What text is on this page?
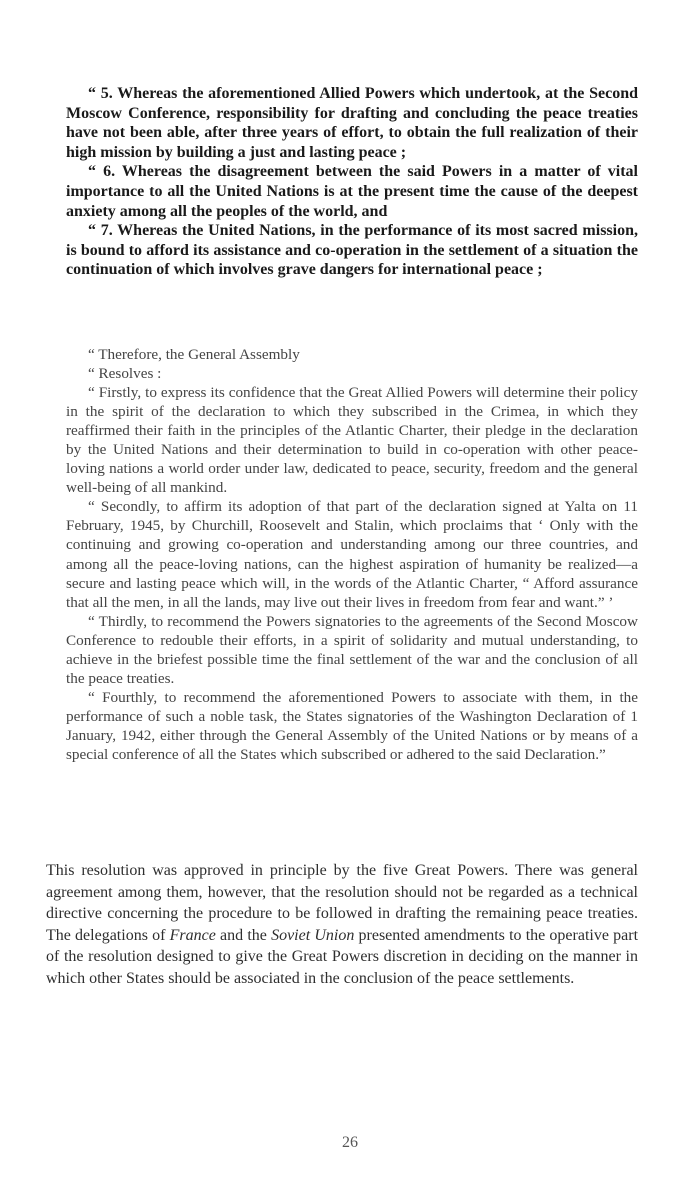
“ 5. Whereas the aforementioned Allied Powers which undertook, at the Second Moscow Conference, responsibility for drafting and concluding the peace treaties have not been able, after three years of effort, to obtain the full realization of their high mission by building a just and lasting peace ;

“ 6. Whereas the disagreement between the said Powers in a matter of vital importance to all the United Nations is at the present time the cause of the deepest anxiety among all the peoples of the world, and

“ 7. Whereas the United Nations, in the performance of its most sacred mission, is bound to afford its assistance and co-operation in the settlement of a situation the continuation of which involves grave dangers for international peace ;

“ Therefore, the General Assembly

“ Resolves :

“ Firstly, to express its confidence that the Great Allied Powers will determine their policy in the spirit of the declaration to which they subscribed in the Crimea, in which they reaffirmed their faith in the principles of the Atlantic Charter, their pledge in the declaration by the United Nations and their determination to build in co-operation with other peace-loving nations a world order under law, dedicated to peace, security, freedom and the general well-being of all mankind.

“ Secondly, to affirm its adoption of that part of the declaration signed at Yalta on 11 February, 1945, by Churchill, Roosevelt and Stalin, which proclaims that ‘ Only with the continuing and growing co-operation and understanding among our three countries, and among all the peace-loving nations, can the highest aspiration of humanity be realized—a secure and lasting peace which will, in the words of the Atlantic Charter, “ Afford assurance that all the men, in all the lands, may live out their lives in freedom from fear and want.” ’

“ Thirdly, to recommend the Powers signatories to the agreements of the Second Moscow Conference to redouble their efforts, in a spirit of solidarity and mutual understanding, to achieve in the briefest possible time the final settlement of the war and the conclusion of all the peace treaties.

“ Fourthly, to recommend the aforementioned Powers to associate with them, in the performance of such a noble task, the States signatories of the Washington Declaration of 1 January, 1942, either through the General Assembly of the United Nations or by means of a special conference of all the States which subscribed or adhered to the said Declaration.”

This resolution was approved in principle by the five Great Powers. There was general agreement among them, however, that the resolution should not be regarded as a technical directive concerning the procedure to be followed in drafting the remaining peace treaties. The delegations of France and the Soviet Union presented amendments to the operative part of the resolution designed to give the Great Powers discretion in deciding on the manner in which other States should be associated in the conclusion of the peace settlements.

26
